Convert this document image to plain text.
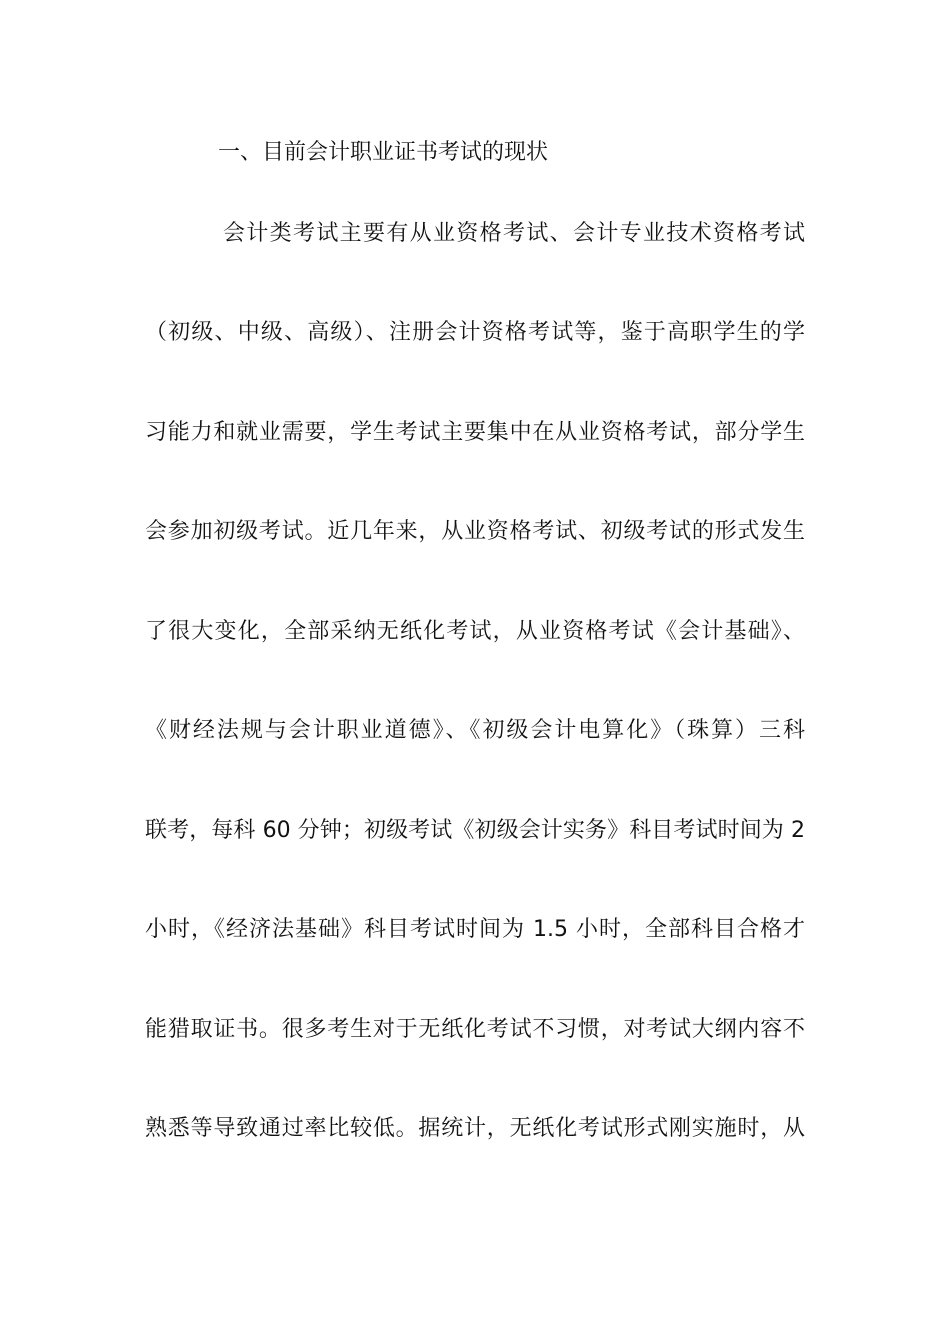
一、目前会计职业证书考试的现状
会计类考试主要有从业资格考试、会计专业技术资格考试
（初级、中级、高级）、注册会计资格考试等，鉴于高职学生的学
习能力和就业需要，学生考试主要集中在从业资格考试，部分学生
会参加初级考试。近几年来，从业资格考试、初级考试的形式发生
了很大变化，全部采纳无纸化考试，从业资格考试《会计基础》、
《财经法规与会计职业道德》、《初级会计电算化》（珠算）三科
联考，每科 60 分钟；初级考试《初级会计实务》科目考试时间为 2
小时，《经济法基础》科目考试时间为 1.5 小时，全部科目合格才
能猎取证书。很多考生对于无纸化考试不习惯，对考试大纲内容不
熟悉等导致通过率比较低。据统计，无纸化考试形式刚实施时，从
